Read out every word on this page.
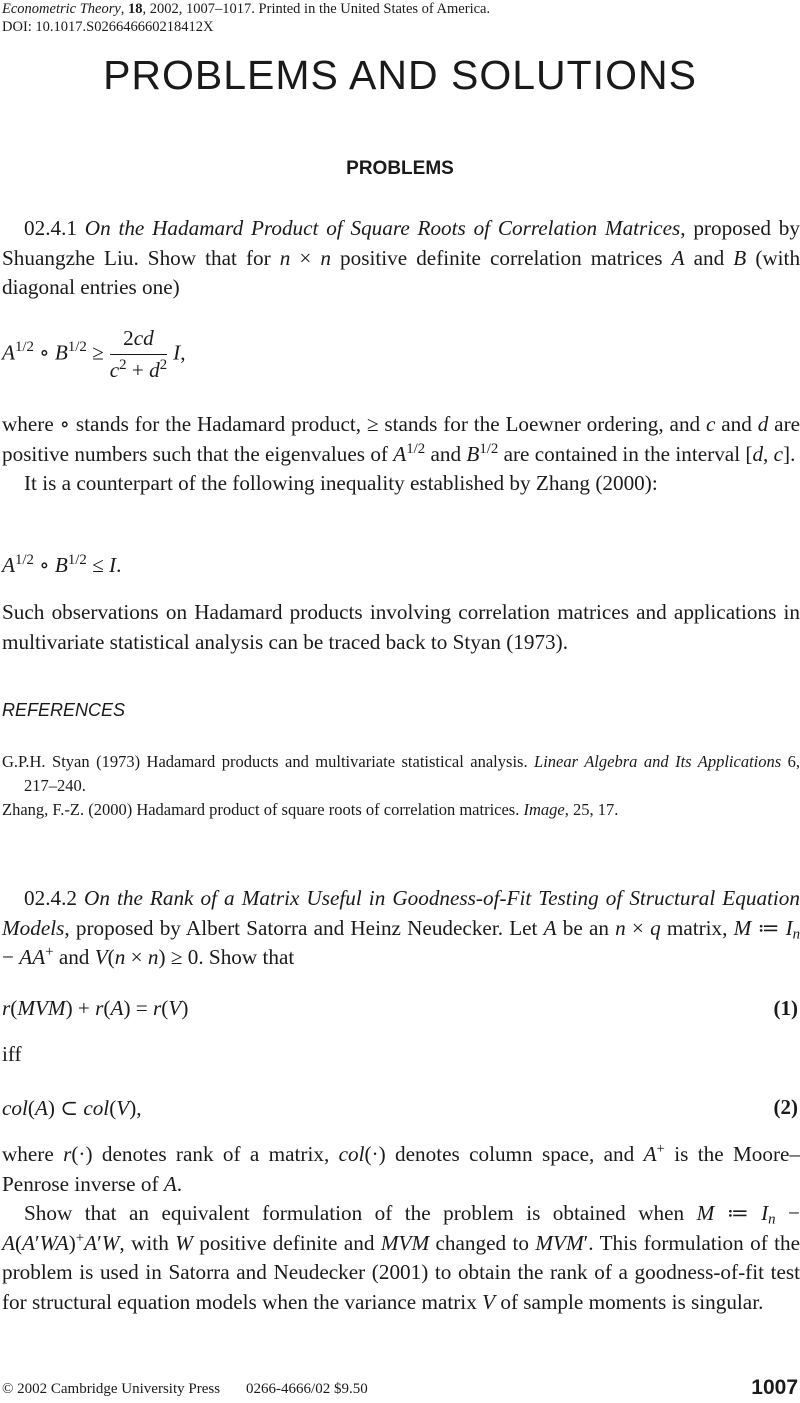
Econometric Theory, 18, 2002, 1007–1017. Printed in the United States of America.
DOI: 10.1017.S026646660218412X
PROBLEMS AND SOLUTIONS
PROBLEMS

02.4.1 On the Hadamard Product of Square Roots of Correlation Matrices, proposed by Shuangzhe Liu. Show that for n × n positive definite correlation matrices A and B (with diagonal entries one)

$A^{1/2}$ ∘ $B^{1/2} \ge \frac{2cd}{c^2 + d^2} I$,

where ∘ stands for the Hadamard product, ≥ stands for the Loewner ordering, and c and d are positive numbers such that the eigenvalues of $A^{1/2}$ and $B^{1/2}$ are contained in the interval [d, c].

It is a counterpart of the following inequality established by Zhang (2000):

$A^{1/2}$ ∘ $B^{1/2} \le I$.

Such observations on Hadamard products involving correlation matrices and applications in multivariate statistical analysis can be traced back to Styan (1973).

REFERENCES

G.P.H. Styan (1973) Hadamard products and multivariate statistical analysis. Linear Algebra and Its Applications 6, 217–240.

Zhang, F.-Z. (2000) Hadamard product of square roots of correlation matrices. Image, 25, 17.

02.4.2 On the Rank of a Matrix Useful in Goodness-of-Fit Testing of Structural Equation Models, proposed by Albert Satorra and Heinz Neudecker. Let A be an n × q matrix, M ≔ $I_n - AA^+$ and V(n × n) ≥ 0. Show that

r(MVM) + r(A) = r(V)	(1)
iff
col(A) ⊂ col(V),	(2)

where r(·) denotes rank of a matrix, col(·) denotes column space, and A+ is the Moore–Penrose inverse of A.

Show that an equivalent formulation of the problem is obtained when M ≔ $I_n - A(A'WA)^+A'W$, with W positive definite and MVM changed to MVM′. This formulation of the problem is used in Satorra and Neudecker (2001) to obtain the rank of a goodness-of-fit test for structural equation models when the variance matrix V of sample moments is singular.

© 2002 Cambridge University Press 0266-4666/02 $9.50	1007
